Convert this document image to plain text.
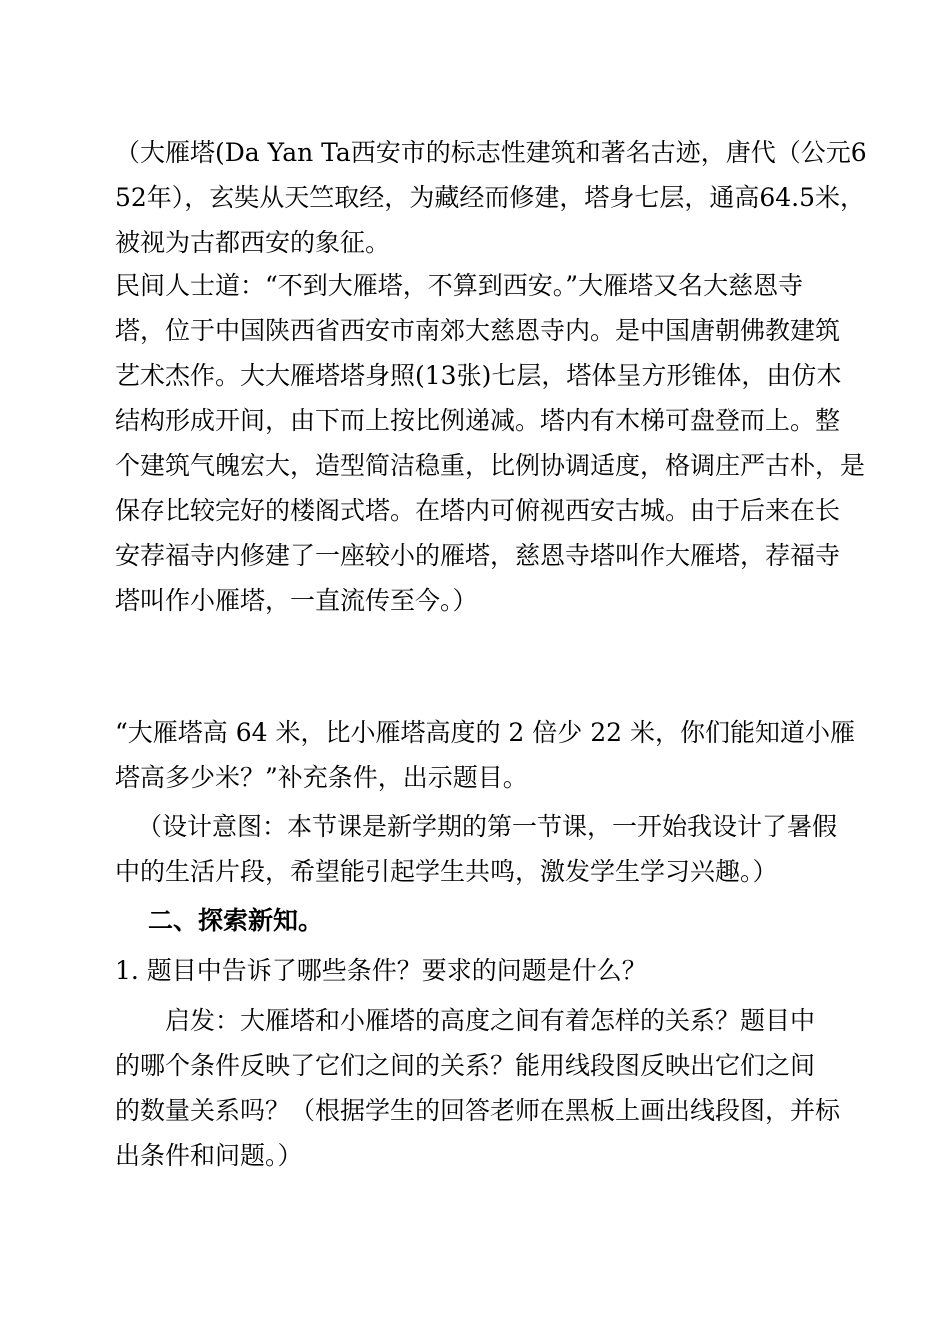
（大雁塔(Da Yan Ta西安市的标志性建筑和著名古迹，唐代（公元6
52年），玄奘从天竺取经，为藏经而修建，塔身七层，通高64.5米，
被视为古都西安的象征。

民间人士道：“不到大雁塔，不算到西安。”大雁塔又名大慈恩寺
塔，位于中国陕西省西安市南郊大慈恩寺内。是中国唐朝佛教建筑
艺术杰作。大大雁塔塔身照(13张)七层，塔体呈方形锥体，由仿木
结构形成开间，由下而上按比例递减。塔内有木梯可盘登而上。整
个建筑气魄宏大，造型简洁稳重，比例协调适度，格调庄严古朴，是
保存比较完好的楼阁式塔。在塔内可俯视西安古城。由于后来在长
安荐福寺内修建了一座较小的雁塔，慈恩寺塔叫作大雁塔，荐福寺
塔叫作小雁塔，一直流传至今。）

“大雁塔高 64 米，比小雁塔高度的 2 倍少 22 米，你们能知道小雁
塔高多少米？”补充条件，出示题目。

（设计意图：本节课是新学期的第一节课，一开始我设计了暑假
中的生活片段，希望能引起学生共鸣，激发学生学习兴趣。）

二、探索新知。

1. 题目中告诉了哪些条件？要求的问题是什么？

启发：大雁塔和小雁塔的高度之间有着怎样的关系？题目中
的哪个条件反映了它们之间的关系？能用线段图反映出它们之间
的数量关系吗？（根据学生的回答老师在黑板上画出线段图，并标
出条件和问题。）
